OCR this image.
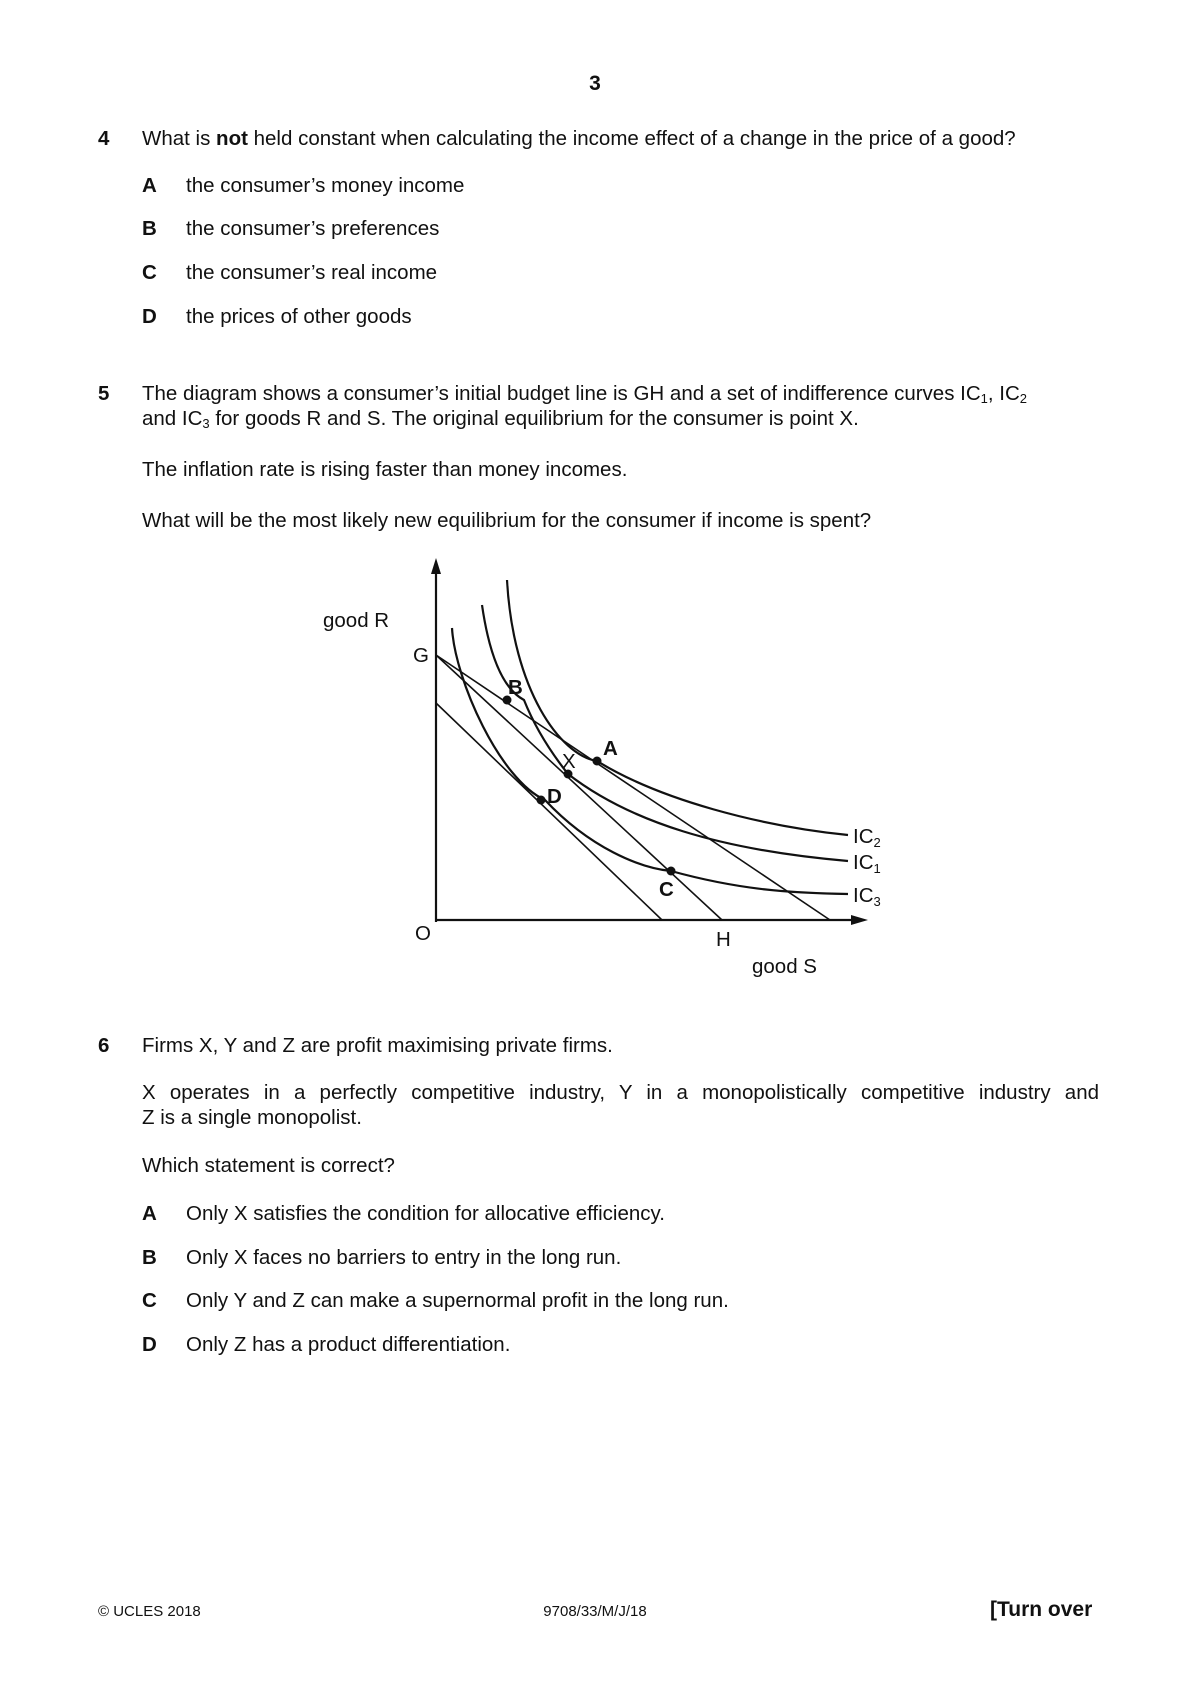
3
4 What is not held constant when calculating the income effect of a change in the price of a good?
A the consumer’s money income
B the consumer’s preferences
C the consumer’s real income
D the prices of other goods
5 The diagram shows a consumer’s initial budget line is GH and a set of indifference curves $IC_1$, $IC_2$
and $IC_3$ for goods R and S. The original equilibrium for the consumer is point X.
The inflation rate is rising faster than money incomes.
What will be the most likely new equilibrium for the consumer if income is spent?
good R
good S
O
G
H
B
A
X
D
C
IC2
IC1
IC3
6 Firms X, Y and Z are profit maximising private firms.
X operates in a perfectly competitive industry, Y in a monopolistically competitive industry and
Z is a single monopolist.
Which statement is correct?
A Only X satisfies the condition for allocative efficiency.
B Only X faces no barriers to entry in the long run.
C Only Y and Z can make a supernormal profit in the long run.
D Only Z has a product differentiation.
© UCLES 2018	9708/33/M/J/18	[Turn over
